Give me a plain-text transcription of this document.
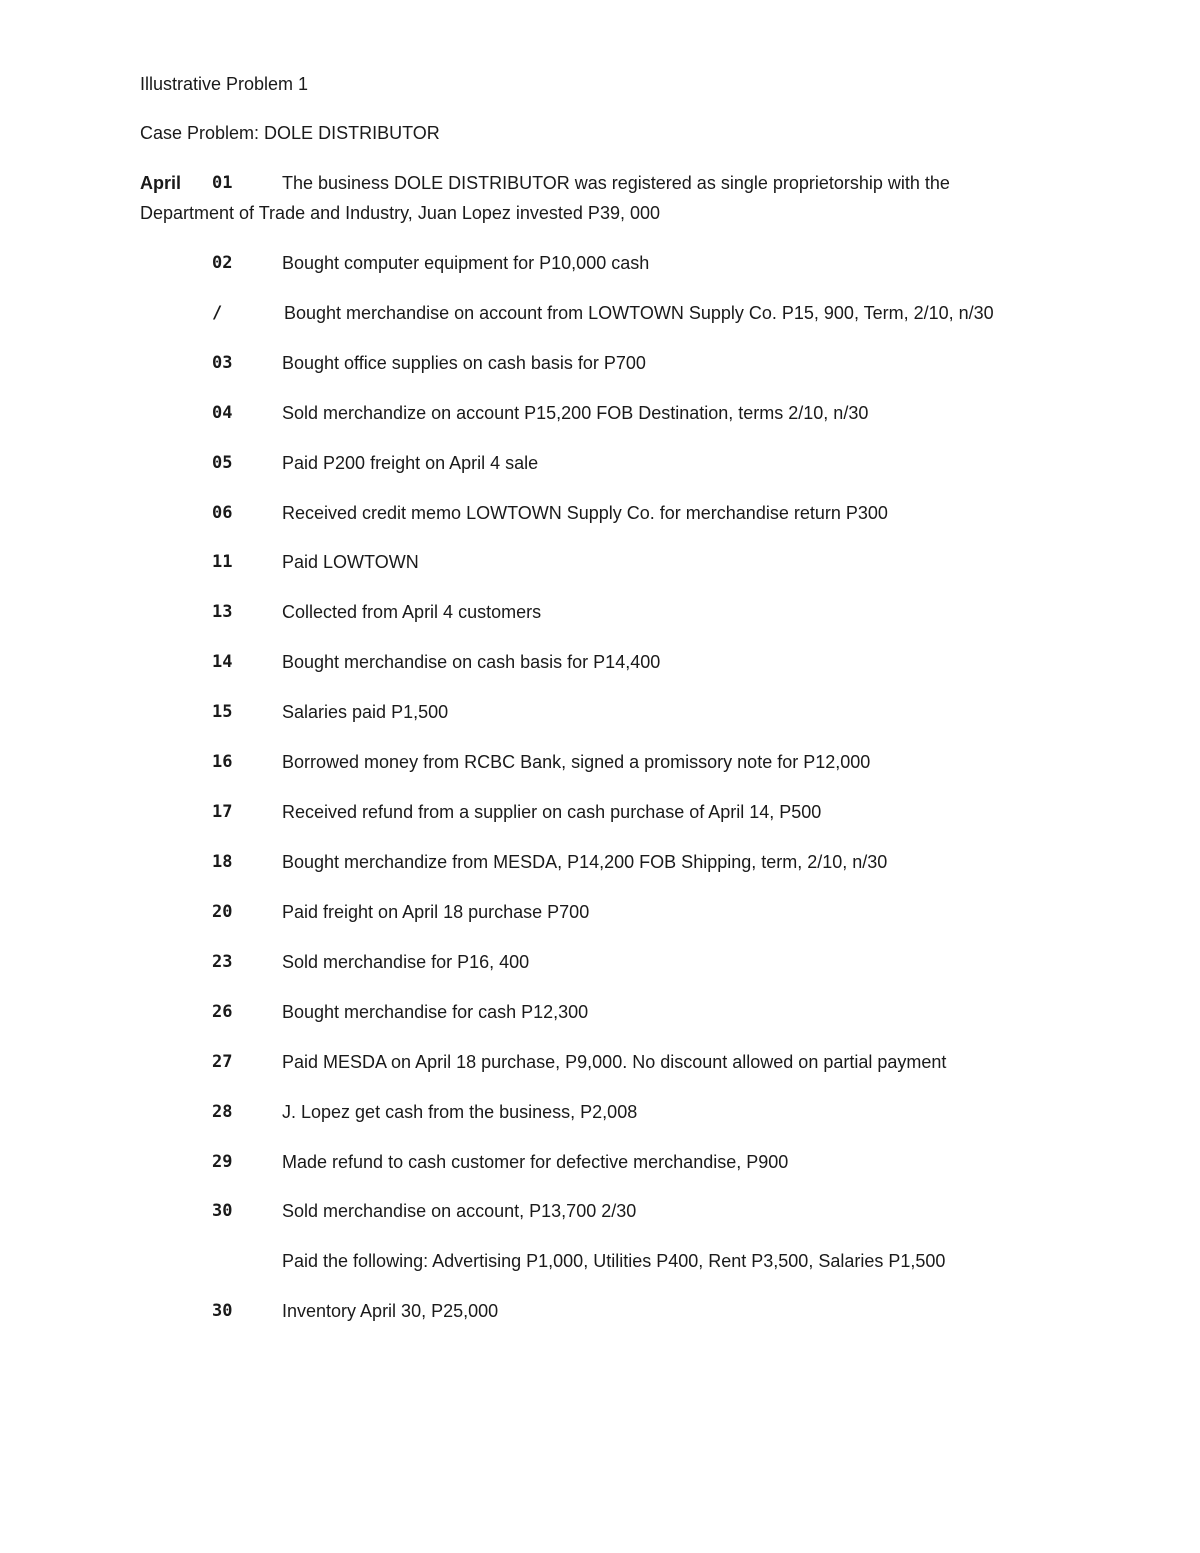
Illustrative Problem 1
Case Problem: DOLE DISTRIBUTOR
April 01	The business DOLE DISTRIBUTOR was registered as single proprietorship with the
Department of Trade and Industry, Juan Lopez invested P39, 000
02	Bought computer equipment for P10,000 cash
/	Bought merchandise on account from LOWTOWN Supply Co. P15, 900, Term, 2/10, n/30
03	Bought office supplies on cash basis for P700
04	Sold merchandize on account P15,200 FOB Destination, terms 2/10, n/30
05	Paid P200 freight on April 4 sale
06	Received credit memo LOWTOWN Supply Co. for merchandise return P300
11	Paid LOWTOWN
13	Collected from April 4 customers
14	Bought merchandise on cash basis for P14,400
15	Salaries paid P1,500
16	Borrowed money from RCBC Bank, signed a promissory note for P12,000
17	Received refund from a supplier on cash purchase of April 14, P500
18	Bought merchandize from MESDA, P14,200 FOB Shipping, term, 2/10, n/30
20	Paid freight on April 18 purchase P700
23	Sold merchandise for P16, 400
26	Bought merchandise for cash P12,300
27	Paid MESDA on April 18 purchase, P9,000. No discount allowed on partial payment
28	J. Lopez get cash from the business, P2,008
29	Made refund to cash customer for defective merchandise, P900
30	Sold merchandise on account, P13,700 2/30
Paid the following: Advertising P1,000, Utilities P400, Rent P3,500, Salaries P1,500
30	Inventory April 30, P25,000
